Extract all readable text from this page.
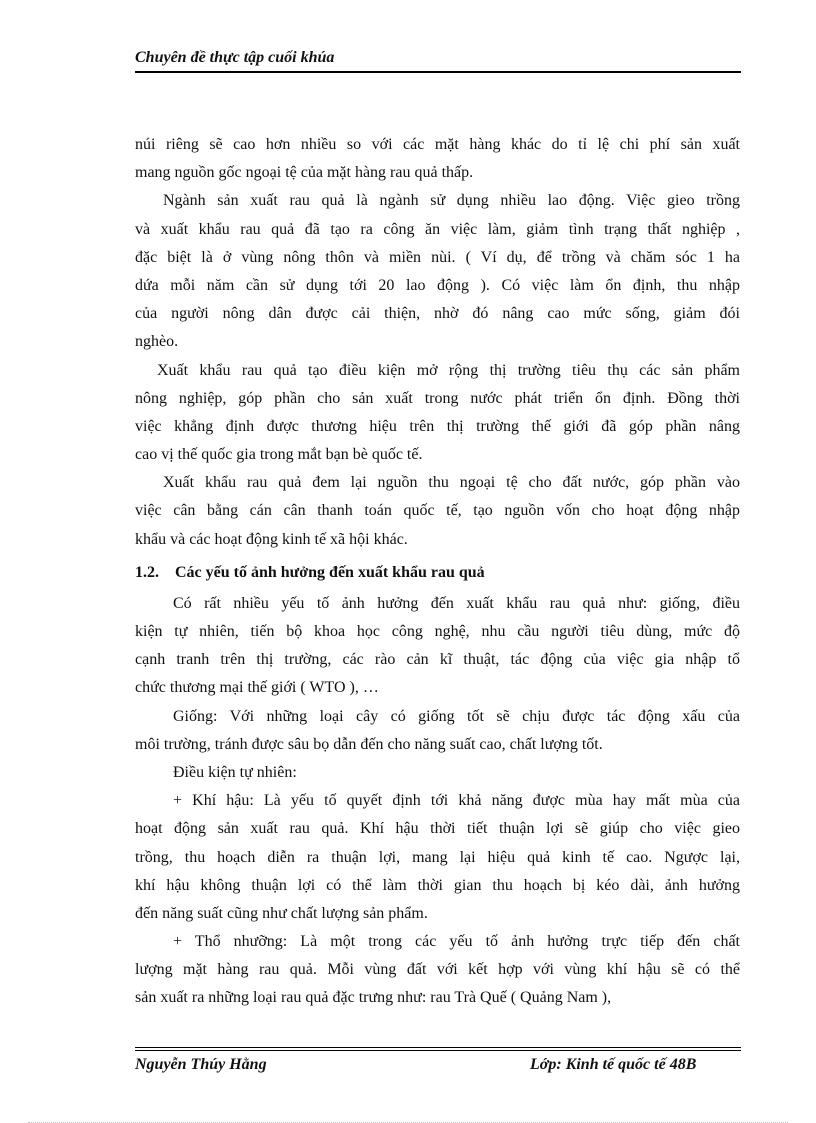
Chuyên đề thực tập cuối khúa
núi riêng sẽ cao hơn nhiều so với các mặt hàng khác do tỉ lệ chi phí sản xuất
mang nguồn gốc ngoại tệ của mặt hàng rau quả thấp.
Ngành sản xuất rau quả là ngành sử dụng nhiều lao động. Việc gieo trồng
và xuất khẩu rau quả đã tạo ra công ăn việc làm, giảm tình trạng thất nghiệp ,
đặc biệt là ở vùng nông thôn và miền nùi. ( Ví dụ, để trồng và chăm sóc 1 ha
dứa mỗi năm cần sử dụng tới 20 lao động ). Có việc làm ổn định, thu nhập
của người nông dân được cải thiện, nhờ đó nâng cao mức sống, giảm đói
nghèo.
Xuất khẩu rau quả tạo điều kiện mở rộng thị trường tiêu thụ các sản phẩm
nông nghiệp, góp phần cho sản xuất trong nước phát triển ổn định. Đồng thời
việc khẳng định được thương hiệu trên thị trường thế giới đã góp phần nâng
cao vị thế quốc gia trong mắt bạn bè quốc tế.
Xuất khẩu rau quả đem lại nguồn thu ngoại tệ cho đất nước, góp phần vào
việc cân bằng cán cân thanh toán quốc tế, tạo nguồn vốn cho hoạt động nhập
khẩu và các hoạt động kinh tế xã hội khác.
1.2. Các yếu tố ảnh hưởng đến xuất khẩu rau quả
Có rất nhiều yếu tố ảnh hưởng đến xuất khẩu rau quả như: giống, điều
kiện tự nhiên, tiến bộ khoa học công nghệ, nhu cầu người tiêu dùng, mức độ
cạnh tranh trên thị trường, các rào cản kĩ thuật, tác động của việc gia nhập tổ
chức thương mại thế giới ( WTO ), …
Giống: Với những loại cây có giống tốt sẽ chịu được tác động xấu của
môi trường, tránh được sâu bọ dẫn đến cho năng suất cao, chất lượng tốt.
Điều kiện tự nhiên:
+ Khí hậu: Là yếu tố quyết định tới khả năng được mùa hay mất mùa của
hoạt động sản xuất rau quả. Khí hậu thời tiết thuận lợi sẽ giúp cho việc gieo
trồng, thu hoạch diễn ra thuận lợi, mang lại hiệu quả kinh tế cao. Ngược lại,
khí hậu không thuận lợi có thể làm thời gian thu hoạch bị kéo dài, ảnh hưởng
đến năng suất cũng như chất lượng sản phẩm.
+ Thổ nhưỡng: Là một trong các yếu tố ảnh hưởng trực tiếp đến chất
lượng mặt hàng rau quả. Mỗi vùng đất với kết hợp với vùng khí hậu sẽ có thể
sản xuất ra những loại rau quả đặc trưng như: rau Trà Quế ( Quảng Nam ),
Nguyễn Thúy Hằng	Lớp: Kinh tế quốc tế 48B
